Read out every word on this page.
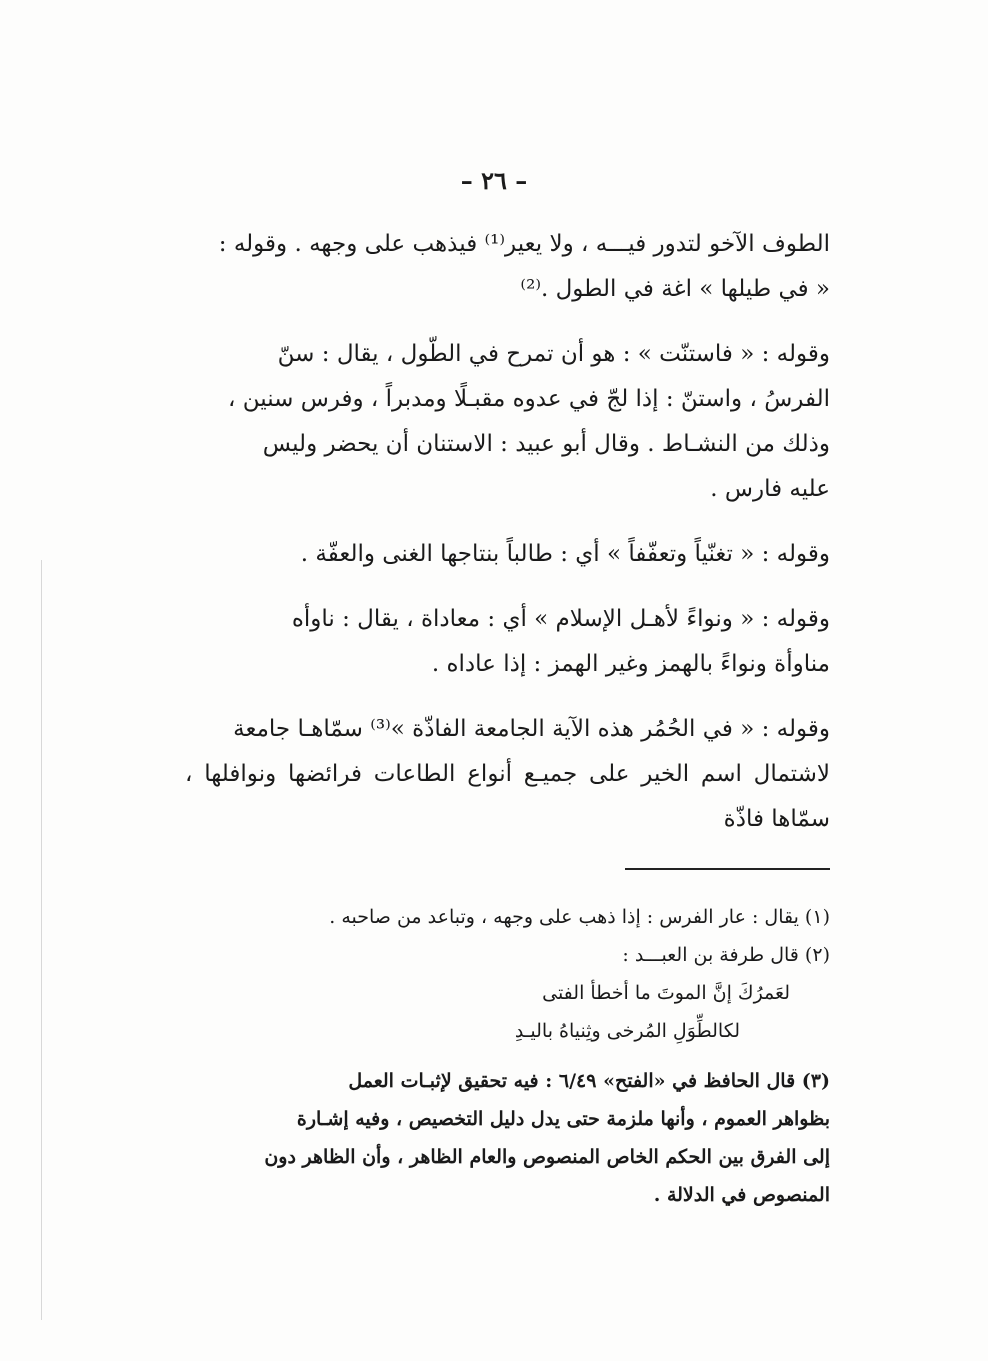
– ٢٦ –

الطوف الآخو لتدور فيـــه ، ولا يعير⁽¹⁾ فيذهب على وجهه . وقوله :

« في طيلها » اغة في الطول .⁽²⁾

وقوله : « فاستنّت » : هو أن تمرح في الطّول ، يقال : سنّ

الفرسُ ، واستنّ : إذا لجّ في عدوه مقبـلًا ومدبراً ، وفرس سنين ،

وذلك من النشـاط . وقال أبو عبيد : الاستنان أن يحضر وليس

عليه فارس .

وقوله : « تغنّياً وتعفّفاً » أي : طالباً بنتاجها الغنى والعفّة .

وقوله : « ونواءً لأهـل الإسلام » أي : معاداة ، يقال : ناوأه

مناوأة ونواءً بالهمز وغير الهمز : إذا عاداه .

وقوله : « في الحُمُر هذه الآية الجامعة الفاذّة »⁽³⁾ سمّاهـا جامعة

لاشتمال اسم الخير على جميـع أنواع الطاعات فرائضها ونوافلها ، سمّاها فاذّة

(١) يقال : عار الفرس : إذا ذهب على وجهه ، وتباعد من صاحبه .

(٢) قال طرفة بن العبـــد :

لعَمرُكَ إنَّ الموتَ ما أخطأ الفتى

لكالطِّوَلِ المُرخى وثِنياهُ باليـدِ

(٣) قال الحافظ في «الفتح» ٦/٤٩ : فيه تحقيق لإثبـات العمل

بظواهر العموم ، وأنها ملزمة حتى يدل دليل التخصيص ، وفيه إشـارة

إلى الفرق بين الحكم الخاص المنصوص والعام الظاهر ، وأن الظاهر دون

المنصوص في الدلالة .
